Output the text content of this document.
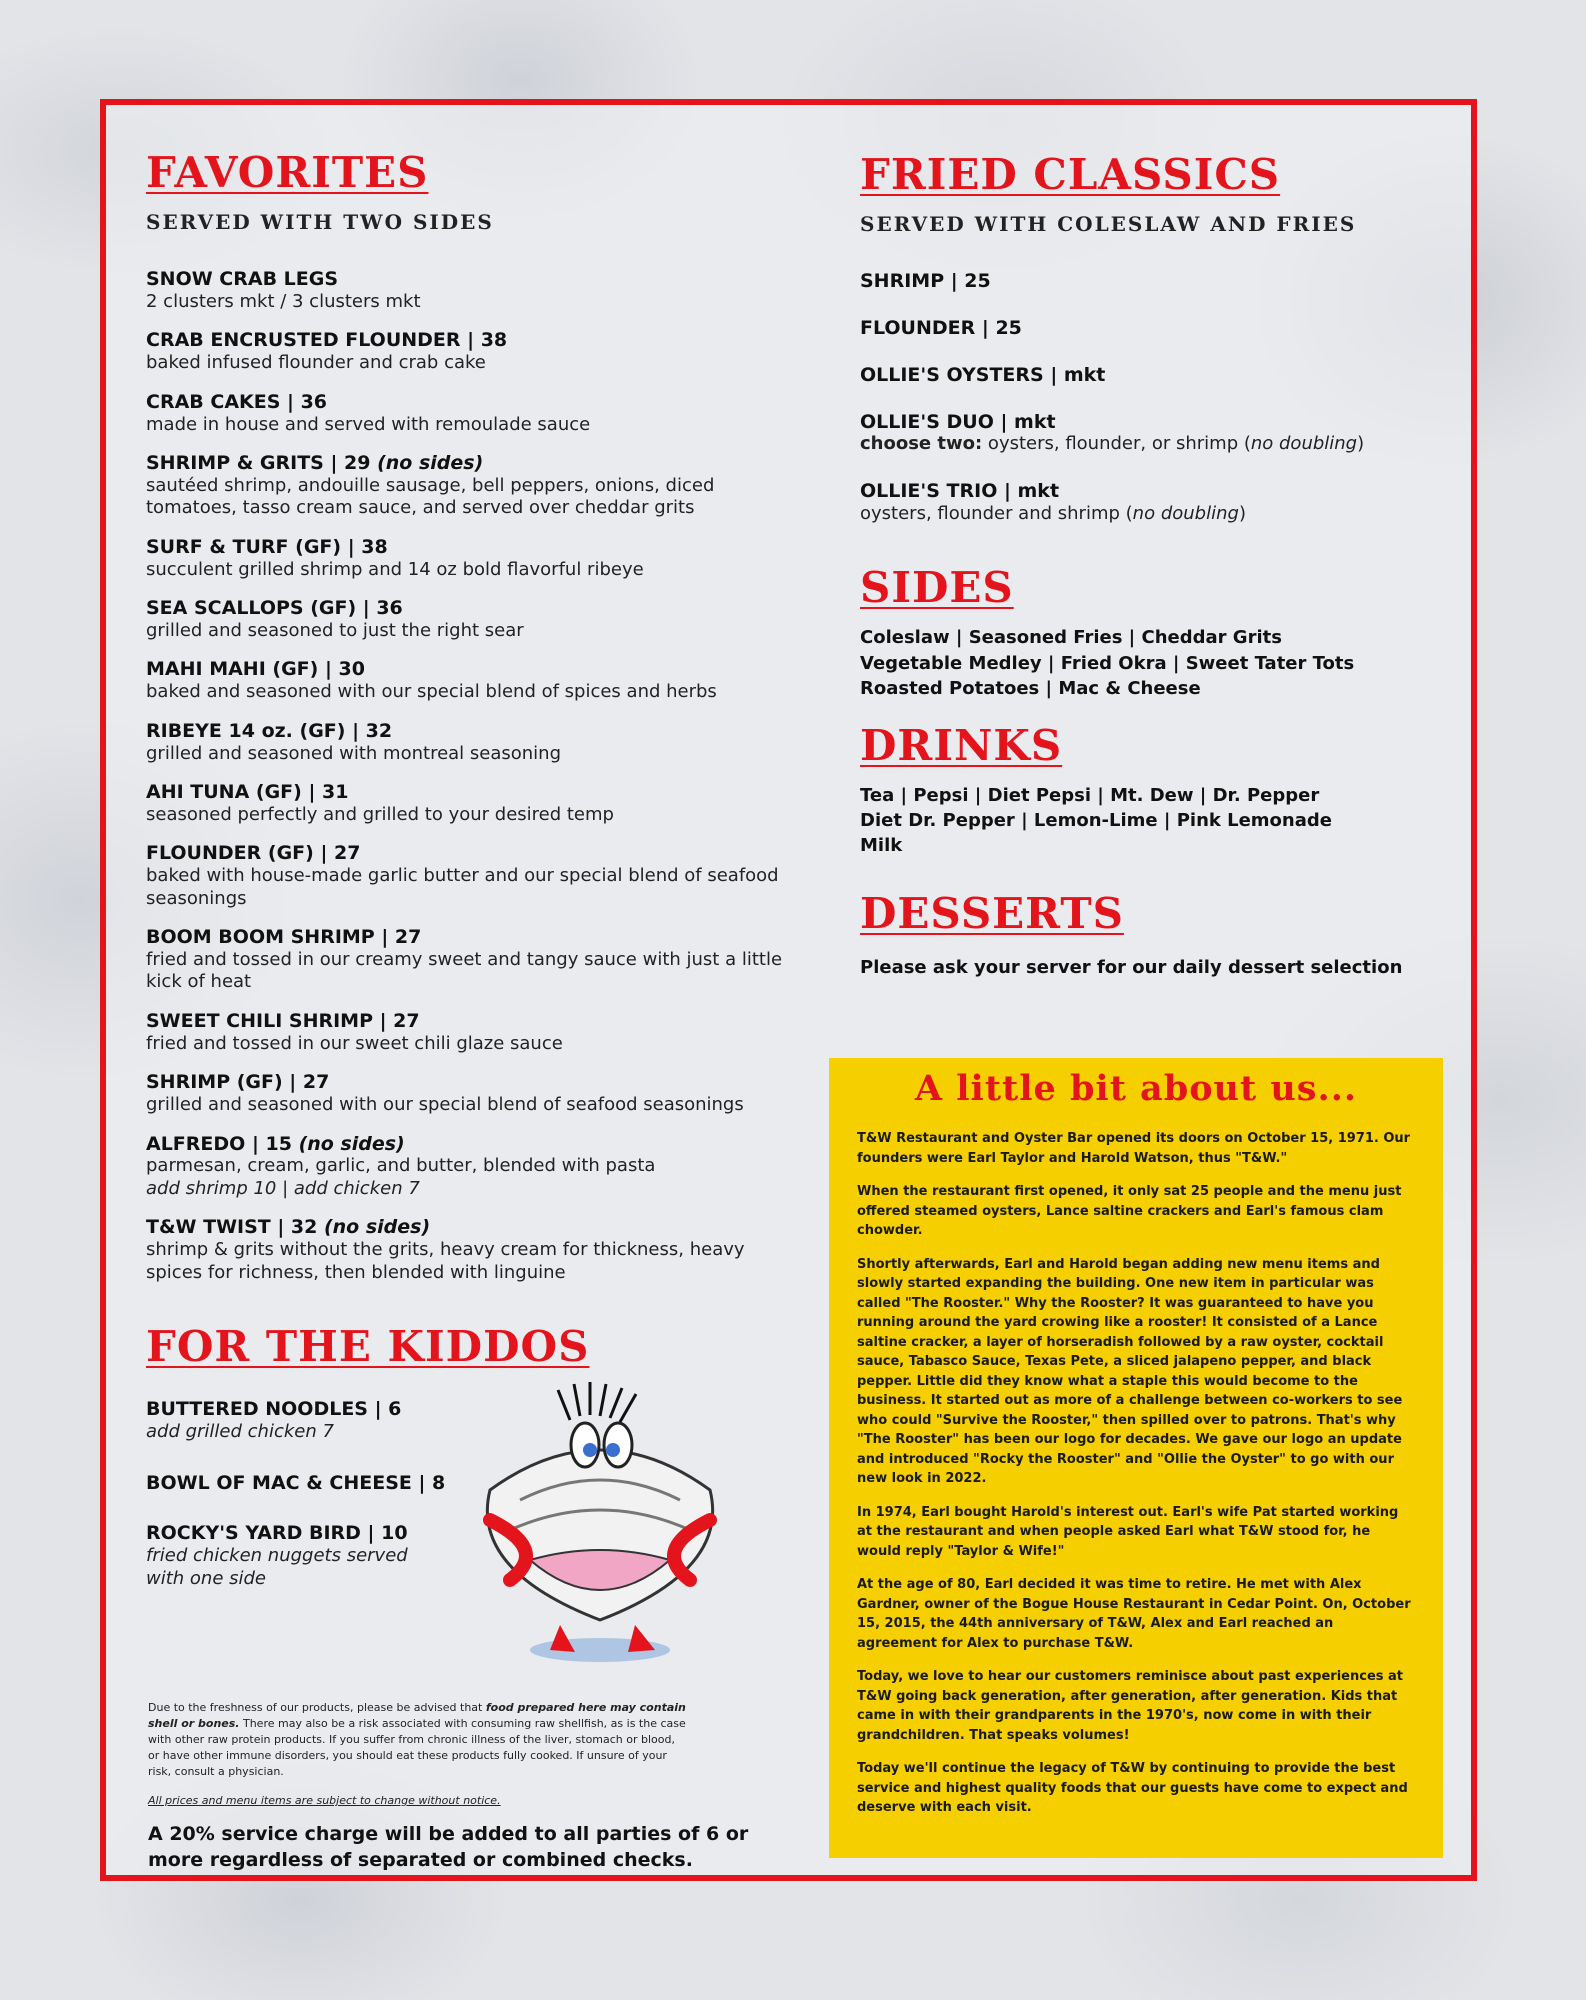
FAVORITES
SERVED WITH TWO SIDES
SNOW CRAB LEGS
2 clusters mkt / 3 clusters mkt
CRAB ENCRUSTED FLOUNDER | 38
baked infused flounder and crab cake
CRAB CAKES | 36
made in house and served with remoulade sauce
SHRIMP & GRITS | 29 (no sides)
sautéed shrimp, andouille sausage, bell peppers, onions, diced tomatoes, tasso cream sauce, and served over cheddar grits
SURF & TURF (GF) | 38
succulent grilled shrimp and 14 oz bold flavorful ribeye
SEA SCALLOPS (GF) | 36
grilled and seasoned to just the right sear
MAHI MAHI (GF) | 30
baked and seasoned with our special blend of spices and herbs
RIBEYE 14 oz. (GF) | 32
grilled and seasoned with montreal seasoning
AHI TUNA (GF) | 31
seasoned perfectly and grilled to your desired temp
FLOUNDER (GF) | 27
baked with house-made garlic butter and our special blend of seafood seasonings
BOOM BOOM SHRIMP | 27
fried and tossed in our creamy sweet and tangy sauce with just a little kick of heat
SWEET CHILI SHRIMP | 27
fried and tossed in our sweet chili glaze sauce
SHRIMP (GF) | 27
grilled and seasoned with our special blend of seafood seasonings
ALFREDO | 15 (no sides)
parmesan, cream, garlic, and butter, blended with pasta
add shrimp 10 | add chicken 7
T&W TWIST | 32 (no sides)
shrimp & grits without the grits, heavy cream for thickness, heavy spices for richness, then blended with linguine
FOR THE KIDDOS
BUTTERED NOODLES | 6
add grilled chicken 7
BOWL OF MAC & CHEESE | 8
ROCKY'S YARD BIRD | 10
fried chicken nuggets served with one side
Due to the freshness of our products, please be advised that food prepared here may contain shell or bones. There may also be a risk associated with consuming raw shellfish, as is the case with other raw protein products. If you suffer from chronic illness of the liver, stomach or blood, or have other immune disorders, you should eat these products fully cooked. If unsure of your risk, consult a physician.
All prices and menu items are subject to change without notice.
A 20% service charge will be added to all parties of 6 or more regardless of separated or combined checks.
FRIED CLASSICS
SERVED WITH COLESLAW AND FRIES
SHRIMP | 25
FLOUNDER | 25
OLLIE'S OYSTERS | mkt
OLLIE'S DUO | mkt
choose two: oysters, flounder, or shrimp (no doubling)
OLLIE'S TRIO | mkt
oysters, flounder and shrimp (no doubling)
SIDES
Coleslaw | Seasoned Fries | Cheddar Grits
Vegetable Medley | Fried Okra | Sweet Tater Tots
Roasted Potatoes | Mac & Cheese
DRINKS
Tea | Pepsi | Diet Pepsi | Mt. Dew | Dr. Pepper
Diet Dr. Pepper | Lemon-Lime | Pink Lemonade
Milk
DESSERTS
Please ask your server for our daily dessert selection
A little bit about us...

T&W Restaurant and Oyster Bar opened its doors on October 15, 1971. Our founders were Earl Taylor and Harold Watson, thus "T&W."

When the restaurant first opened, it only sat 25 people and the menu just offered steamed oysters, Lance saltine crackers and Earl's famous clam chowder.

Shortly afterwards, Earl and Harold began adding new menu items and slowly started expanding the building. One new item in particular was called "The Rooster." Why the Rooster? It was guaranteed to have you running around the yard crowing like a rooster! It consisted of a Lance saltine cracker, a layer of horseradish followed by a raw oyster, cocktail sauce, Tabasco Sauce, Texas Pete, a sliced jalapeno pepper, and black pepper. Little did they know what a staple this would become to the business. It started out as more of a challenge between co-workers to see who could "Survive the Rooster," then spilled over to patrons. That's why "The Rooster" has been our logo for decades. We gave our logo an update and introduced "Rocky the Rooster" and "Ollie the Oyster" to go with our new look in 2022.

In 1974, Earl bought Harold's interest out. Earl's wife Pat started working at the restaurant and when people asked Earl what T&W stood for, he would reply "Taylor & Wife!"

At the age of 80, Earl decided it was time to retire. He met with Alex Gardner, owner of the Bogue House Restaurant in Cedar Point. On, October 15, 2015, the 44th anniversary of T&W, Alex and Earl reached an agreement for Alex to purchase T&W.

Today, we love to hear our customers reminisce about past experiences at T&W going back generation, after generation, after generation. Kids that came in with their grandparents in the 1970's, now come in with their grandchildren. That speaks volumes!

Today we'll continue the legacy of T&W by continuing to provide the best service and highest quality foods that our guests have come to expect and deserve with each visit.
